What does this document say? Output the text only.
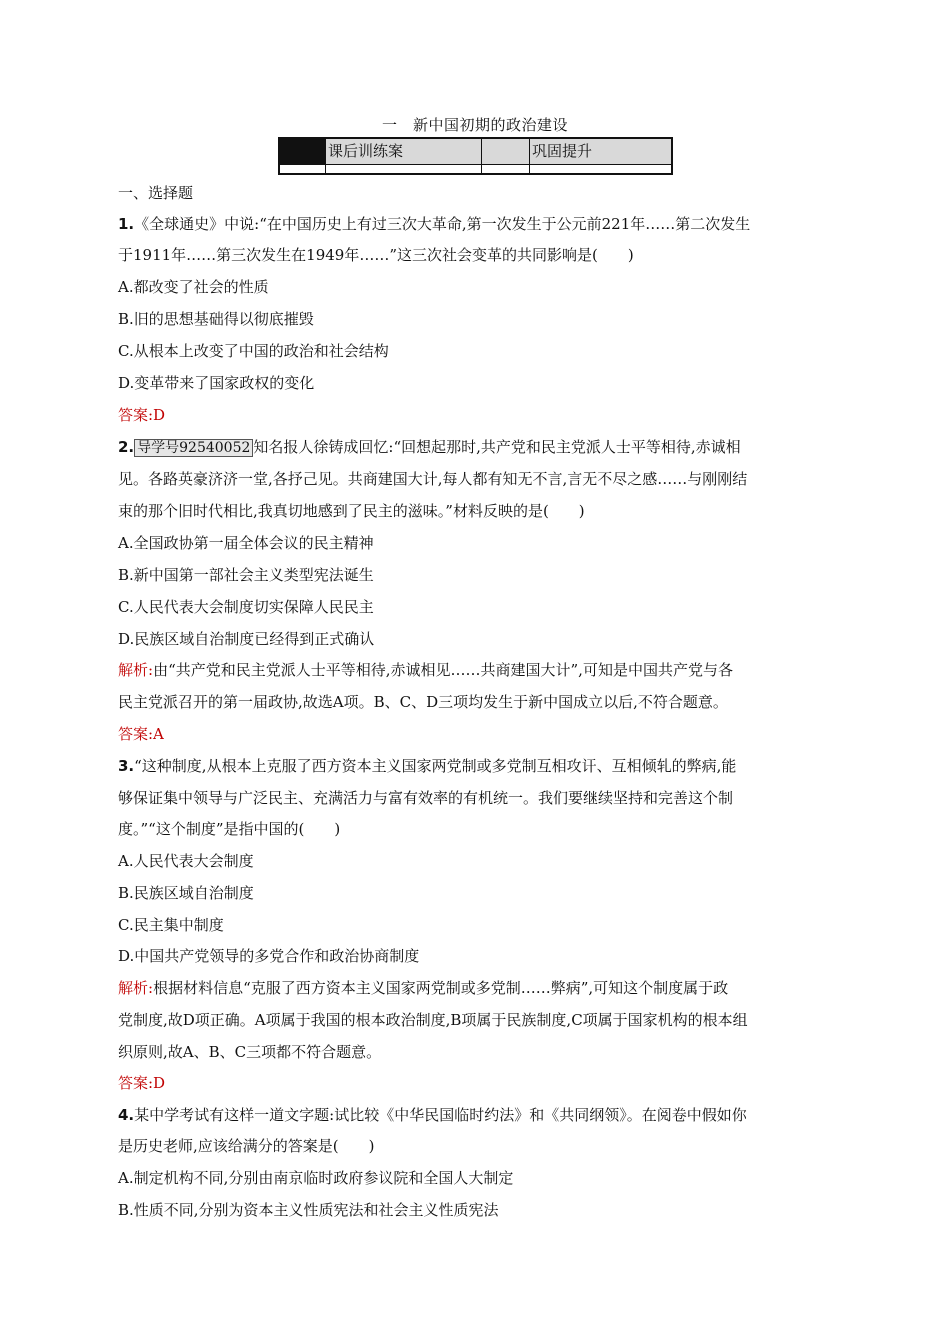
一　新中国初期的政治建设
课后训练案	巩固提升
一、选择题
1.《全球通史》中说:“在中国历史上有过三次大革命,第一次发生于公元前221年……第二次发生
于1911年……第三次发生在1949年……”这三次社会变革的共同影响是(　　)
A.都改变了社会的性质
B.旧的思想基础得以彻底摧毁
C.从根本上改变了中国的政治和社会结构
D.变革带来了国家政权的变化
答案:D
2. 导学号92540052 知名报人徐铸成回忆:“回想起那时,共产党和民主党派人士平等相待,赤诚相
见。各路英豪济济一堂,各抒己见。共商建国大计,每人都有知无不言,言无不尽之感……与刚刚结
束的那个旧时代相比,我真切地感到了民主的滋味。”材料反映的是(　　)
A.全国政协第一届全体会议的民主精神
B.新中国第一部社会主义类型宪法诞生
C.人民代表大会制度切实保障人民民主
D.民族区域自治制度已经得到正式确认
解析:由“共产党和民主党派人士平等相待,赤诚相见……共商建国大计”,可知是中国共产党与各
民主党派召开的第一届政协,故选A项。B、C、D三项均发生于新中国成立以后,不符合题意。
答案:A
3.“这种制度,从根本上克服了西方资本主义国家两党制或多党制互相攻讦、互相倾轧的弊病,能
够保证集中领导与广泛民主、充满活力与富有效率的有机统一。我们要继续坚持和完善这个制
度。”“这个制度”是指中国的(　　)
A.人民代表大会制度
B.民族区域自治制度
C.民主集中制度
D.中国共产党领导的多党合作和政治协商制度
解析:根据材料信息“克服了西方资本主义国家两党制或多党制……弊病”,可知这个制度属于政
党制度,故D项正确。A项属于我国的根本政治制度,B项属于民族制度,C项属于国家机构的根本组
织原则,故A、B、C三项都不符合题意。
答案:D
4.某中学考试有这样一道文字题:试比较《中华民国临时约法》和《共同纲领》。在阅卷中假如你
是历史老师,应该给满分的答案是(　　)
A.制定机构不同,分别由南京临时政府参议院和全国人大制定
B.性质不同,分别为资本主义性质宪法和社会主义性质宪法
